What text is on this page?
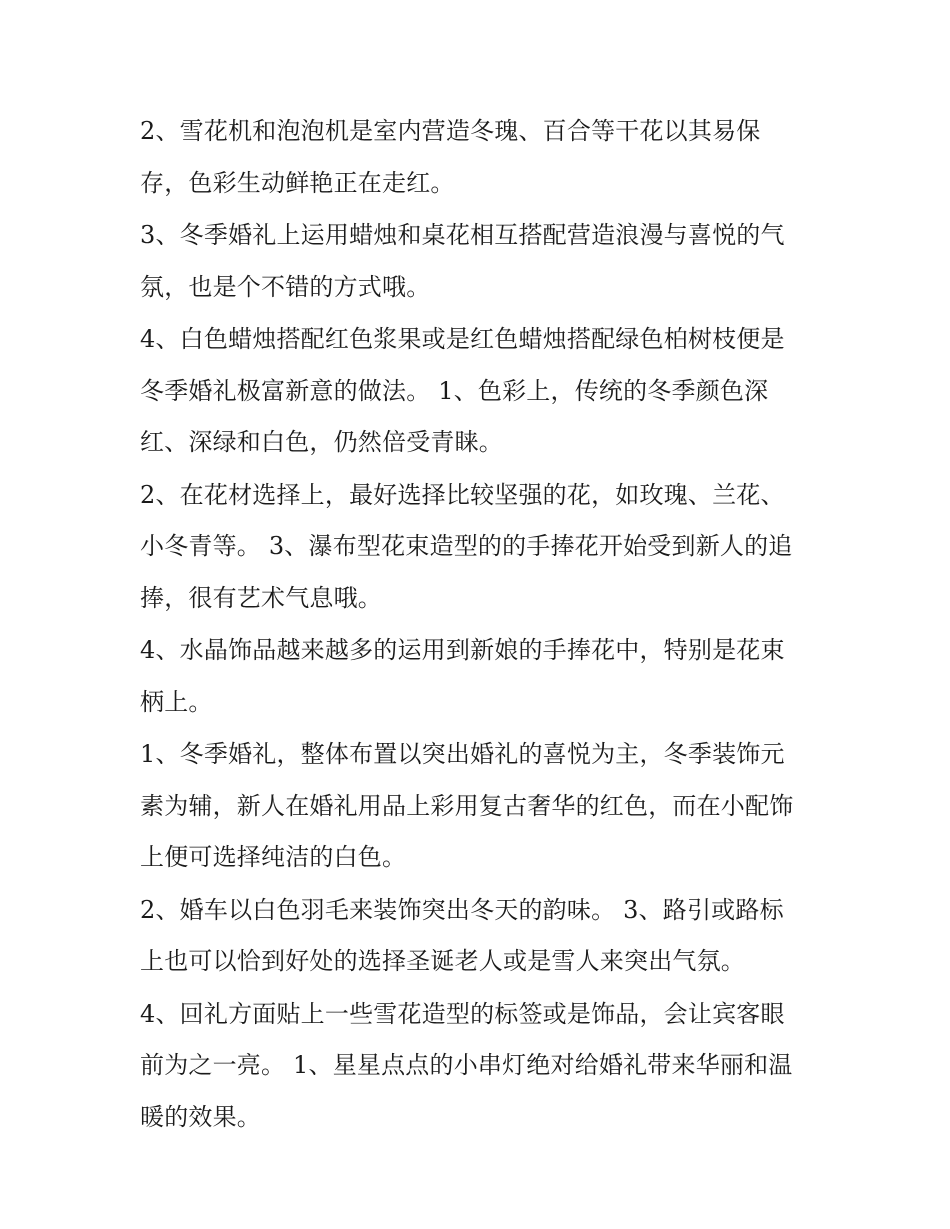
2、雪花机和泡泡机是室内营造冬瑰、百合等干花以其易保
存，色彩生动鲜艳正在走红。

3、冬季婚礼上运用蜡烛和桌花相互搭配营造浪漫与喜悦的气
氛，也是个不错的方式哦。

4、白色蜡烛搭配红色浆果或是红色蜡烛搭配绿色柏树枝便是
冬季婚礼极富新意的做法。 1、色彩上，传统的冬季颜色深
红、深绿和白色，仍然倍受青睐。

2、在花材选择上，最好选择比较坚强的花，如玫瑰、兰花、
小冬青等。 3、瀑布型花束造型的的手捧花开始受到新人的追
捧，很有艺术气息哦。

4、水晶饰品越来越多的运用到新娘的手捧花中，特别是花束
柄上。

1、冬季婚礼，整体布置以突出婚礼的喜悦为主，冬季装饰元
素为辅，新人在婚礼用品上彩用复古奢华的红色，而在小配饰
上便可选择纯洁的白色。

2、婚车以白色羽毛来装饰突出冬天的韵味。 3、路引或路标
上也可以恰到好处的选择圣诞老人或是雪人来突出气氛。

4、回礼方面贴上一些雪花造型的标签或是饰品，会让宾客眼
前为之一亮。 1、星星点点的小串灯绝对给婚礼带来华丽和温
暖的效果。
